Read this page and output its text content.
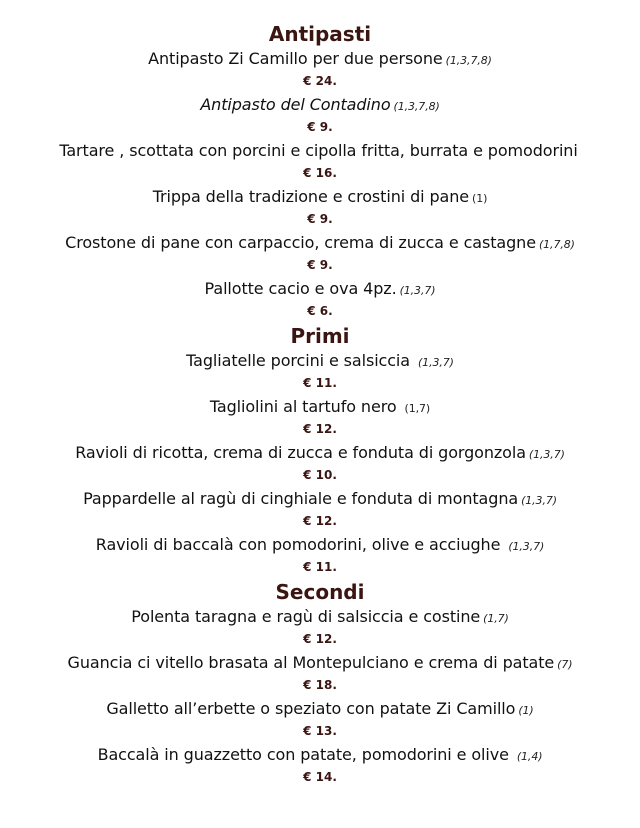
Antipasti
Antipasto Zi Camillo per due persone (1,3,7,8)
€ 24.
Antipasto del Contadino (1,3,7,8)
€ 9.
Tartare , scottata con porcini e cipolla fritta, burrata e pomodorini
€ 16.
Trippa della tradizione e crostini di pane (1)
€ 9.
Crostone di pane con carpaccio, crema di zucca e castagne (1,7,8)
€ 9.
Pallotte cacio e ova 4pz. (1,3,7)
€ 6.
Primi
Tagliatelle porcini e salsiccia (1,3,7)
€ 11.
Tagliolini al tartufo nero (1,7)
€ 12.
Ravioli di ricotta, crema di zucca e fonduta di gorgonzola (1,3,7)
€ 10.
Pappardelle al ragù di cinghiale e fonduta di montagna (1,3,7)
€ 12.
Ravioli di baccalà con pomodorini, olive e acciughe (1,3,7)
€ 11.
Secondi
Polenta taragna e ragù di salsiccia e costine (1,7)
€ 12.
Guancia ci vitello brasata al Montepulciano e crema di patate (7)
€ 18.
Galletto all’erbette o speziato con patate Zi Camillo (1)
€ 13.
Baccalà in guazzetto con patate, pomodorini e olive (1,4)
€ 14.
